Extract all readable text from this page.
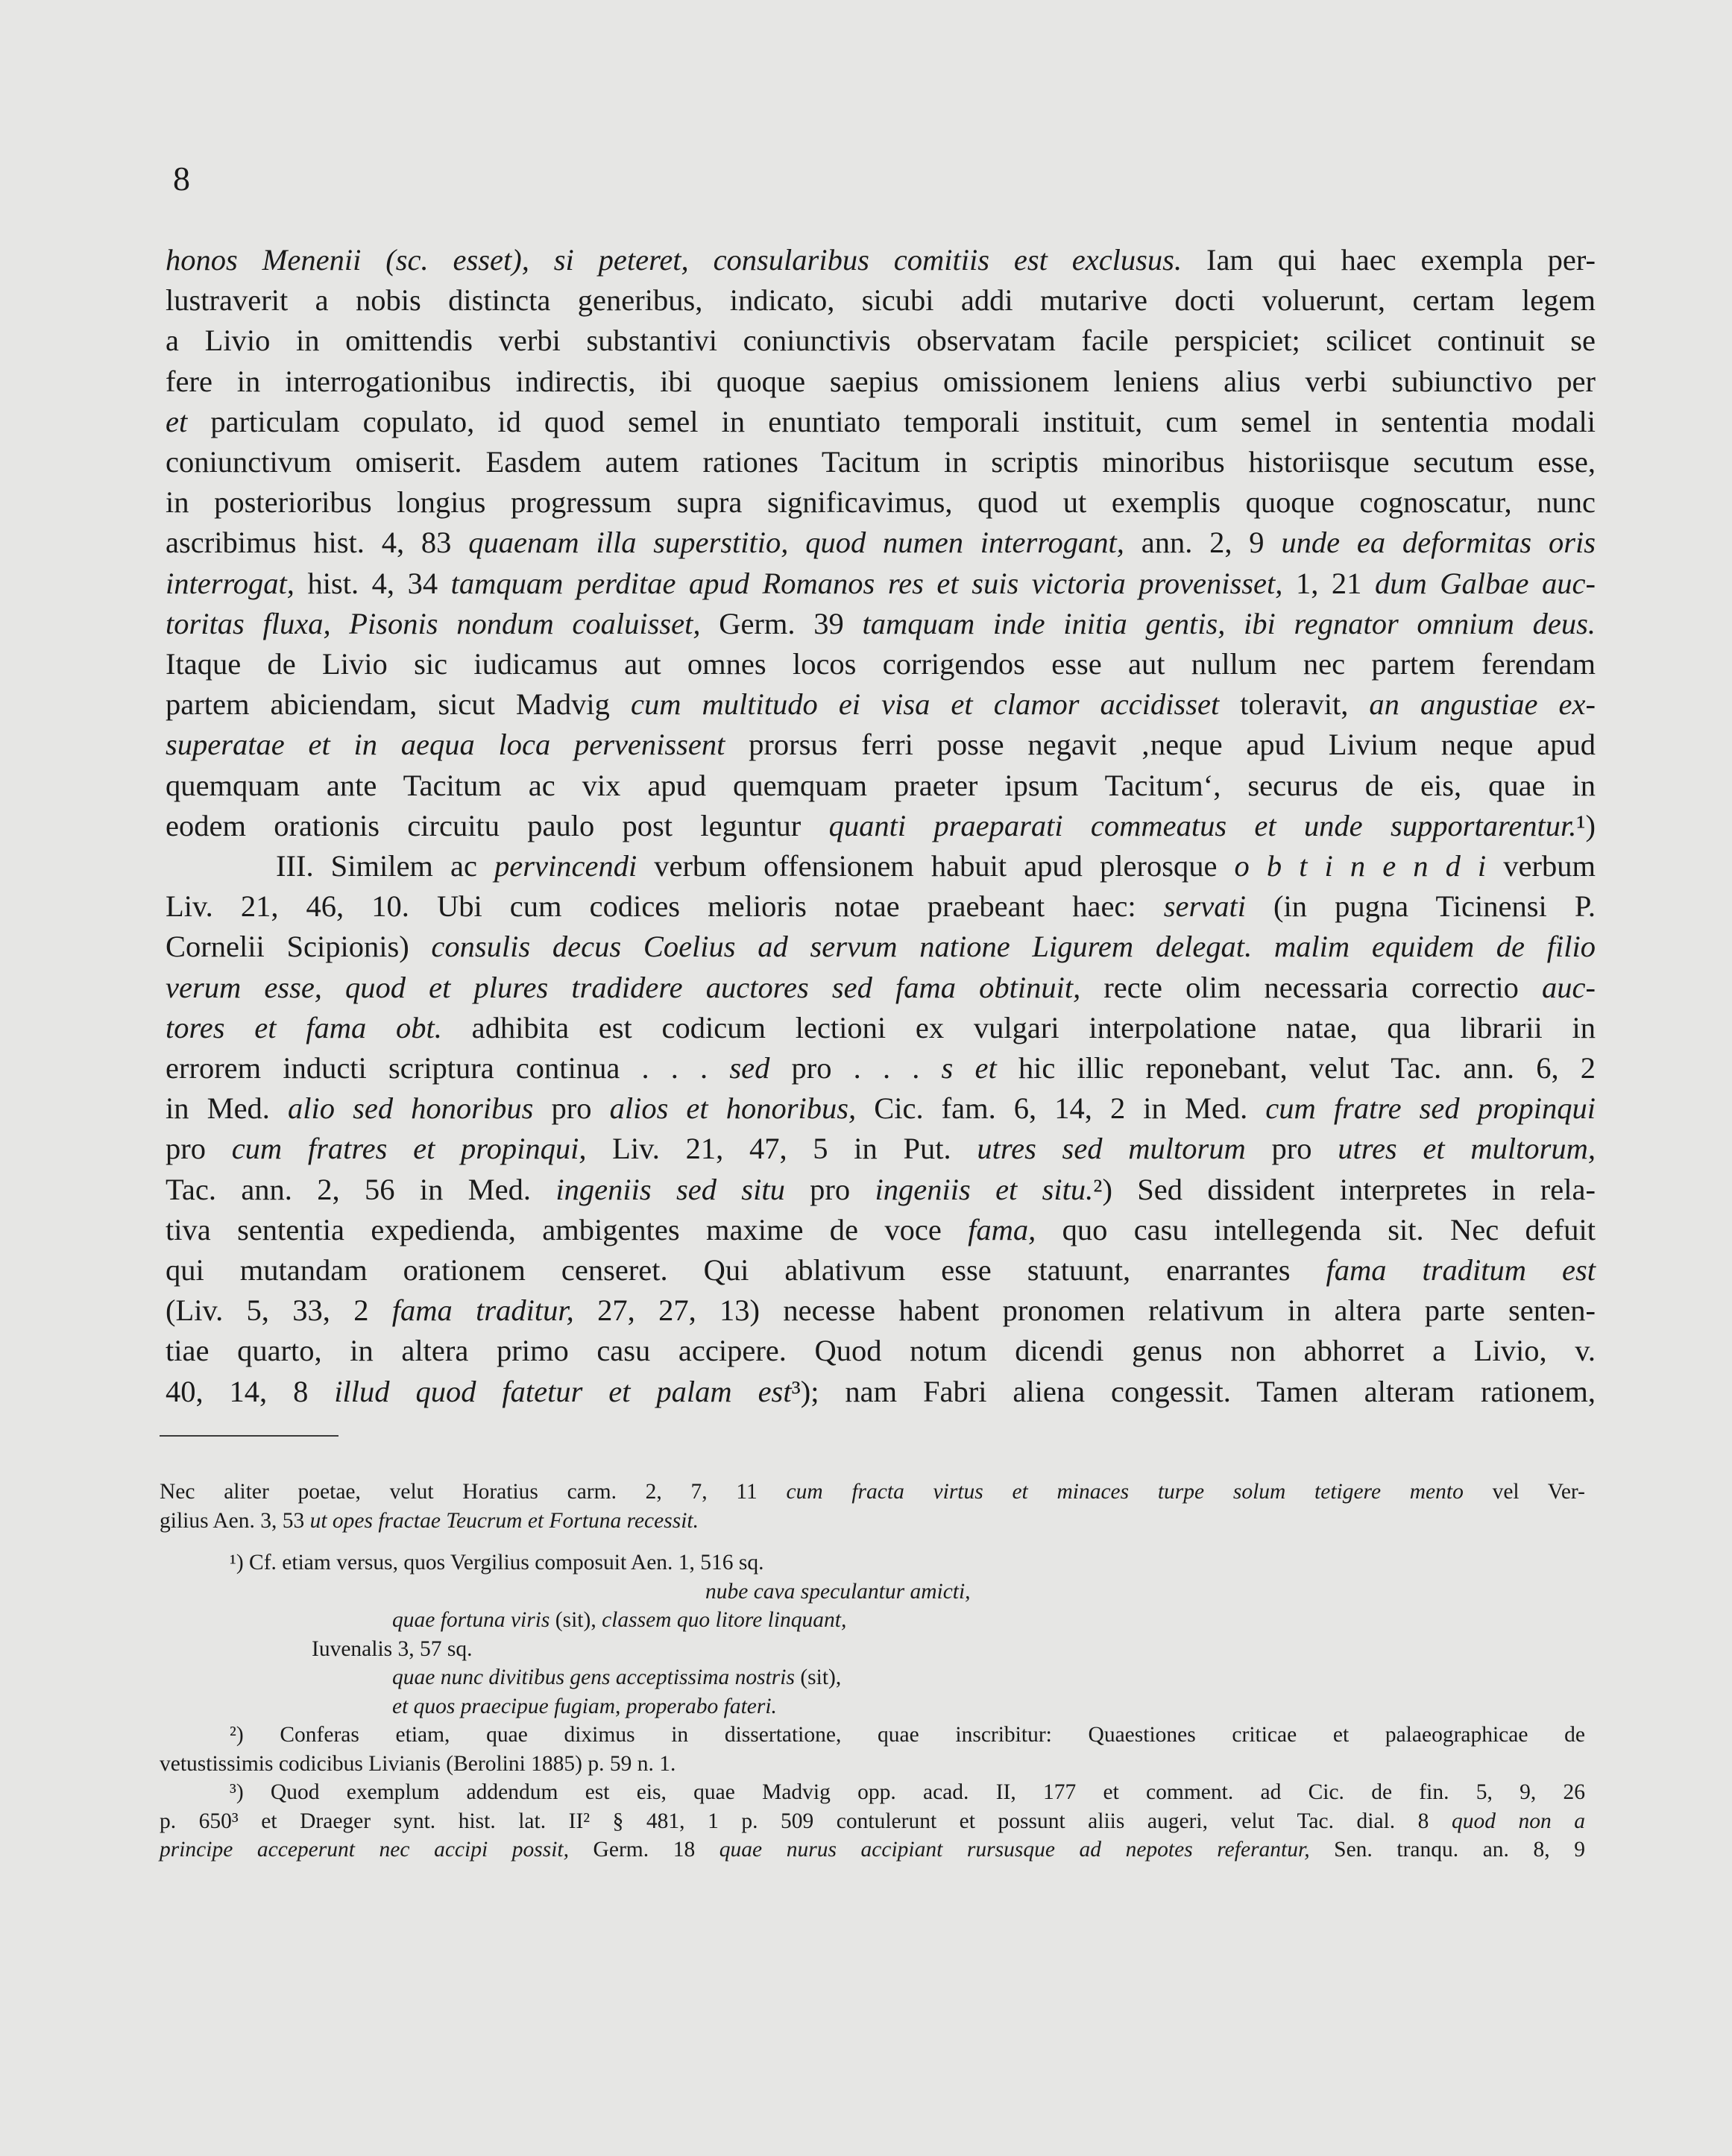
8
honos Menenii (sc. esset), si peteret, consularibus comitiis est exclusus. Iam qui haec exempla per-
lustraverit a nobis distincta generibus, indicato, sicubi addi mutarive docti voluerunt, certam legem
a Livio in omittendis verbi substantivi coniunctivis observatam facile perspiciet; scilicet continuit se
fere in interrogationibus indirectis, ibi quoque saepius omissionem leniens alius verbi subiunctivo per
et particulam copulato, id quod semel in enuntiato temporali instituit, cum semel in sententia modali
coniunctivum omiserit. Easdem autem rationes Tacitum in scriptis minoribus historiisque secutum esse,
in posterioribus longius progressum supra significavimus, quod ut exemplis quoque cognoscatur, nunc
ascribimus hist. 4, 83 quaenam illa superstitio, quod numen interrogant, ann. 2, 9 unde ea deformitas oris
interrogat, hist. 4, 34 tamquam perditae apud Romanos res et suis victoria provenisset, 1, 21 dum Galbae auc-
toritas fluxa, Pisonis nondum coaluisset, Germ. 39 tamquam inde initia gentis, ibi regnator omnium deus.
Itaque de Livio sic iudicamus aut omnes locos corrigendos esse aut nullum nec partem ferendam
partem abiciendam, sicut Madvig cum multitudo ei visa et clamor accidisset toleravit, an angustiae ex-
superatae et in aequa loca pervenissent prorsus ferri posse negavit ‚neque apud Livium neque apud
quemquam ante Tacitum ac vix apud quemquam praeter ipsum Tacitum‘, securus de eis, quae in
eodem orationis circuitu paulo post leguntur quanti praeparati commeatus et unde supportarentur.¹)
III. Similem ac pervincendi verbum offensionem habuit apud plerosque o b t i n e n d i verbum
Liv. 21, 46, 10. Ubi cum codices melioris notae praebeant haec: servati (in pugna Ticinensi P.
Cornelii Scipionis) consulis decus Coelius ad servum natione Ligurem delegat. malim equidem de filio
verum esse, quod et plures tradidere auctores sed fama obtinuit, recte olim necessaria correctio auc-
tores et fama obt. adhibita est codicum lectioni ex vulgari interpolatione natae, qua librarii in
errorem inducti scriptura continua . . . sed pro . . . s et hic illic reponebant, velut Tac. ann. 6, 2
in Med. alio sed honoribus pro alios et honoribus, Cic. fam. 6, 14, 2 in Med. cum fratre sed propinqui
pro cum fratres et propinqui, Liv. 21, 47, 5 in Put. utres sed multorum pro utres et multorum,
Tac. ann. 2, 56 in Med. ingeniis sed situ pro ingeniis et situ.²) Sed dissident interpretes in rela-
tiva sententia expedienda, ambigentes maxime de voce fama, quo casu intellegenda sit. Nec defuit
qui mutandam orationem censeret. Qui ablativum esse statuunt, enarrantes fama traditum est
(Liv. 5, 33, 2 fama traditur, 27, 27, 13) necesse habent pronomen relativum in altera parte senten-
tiae quarto, in altera primo casu accipere. Quod notum dicendi genus non abhorret a Livio, v.
40, 14, 8 illud quod fatetur et palam est³); nam Fabri aliena congessit. Tamen alteram rationem,
Nec aliter poetae, velut Horatius carm. 2, 7, 11 cum fracta virtus et minaces turpe solum tetigere mento vel Ver-
gilius Aen. 3, 53 ut opes fractae Teucrum et Fortuna recessit.
¹) Cf. etiam versus, quos Vergilius composuit Aen. 1, 516 sq.
nube cava speculantur amicti,
quae fortuna viris (sit), classem quo litore linquant,
Iuvenalis 3, 57 sq.
quae nunc divitibus gens acceptissima nostris (sit),
et quos praecipue fugiam, properabo fateri.
²) Conferas etiam, quae diximus in dissertatione, quae inscribitur: Quaestiones criticae et palaeographicae de
vetustissimis codicibus Livianis (Berolini 1885) p. 59 n. 1.
³) Quod exemplum addendum est eis, quae Madvig opp. acad. II, 177 et comment. ad Cic. de fin. 5, 9, 26
p. 650³ et Draeger synt. hist. lat. II² § 481, 1 p. 509 contulerunt et possunt aliis augeri, velut Tac. dial. 8 quod non a
principe acceperunt nec accipi possit, Germ. 18 quae nurus accipiant rursusque ad nepotes referantur, Sen. tranqu. an. 8, 9
